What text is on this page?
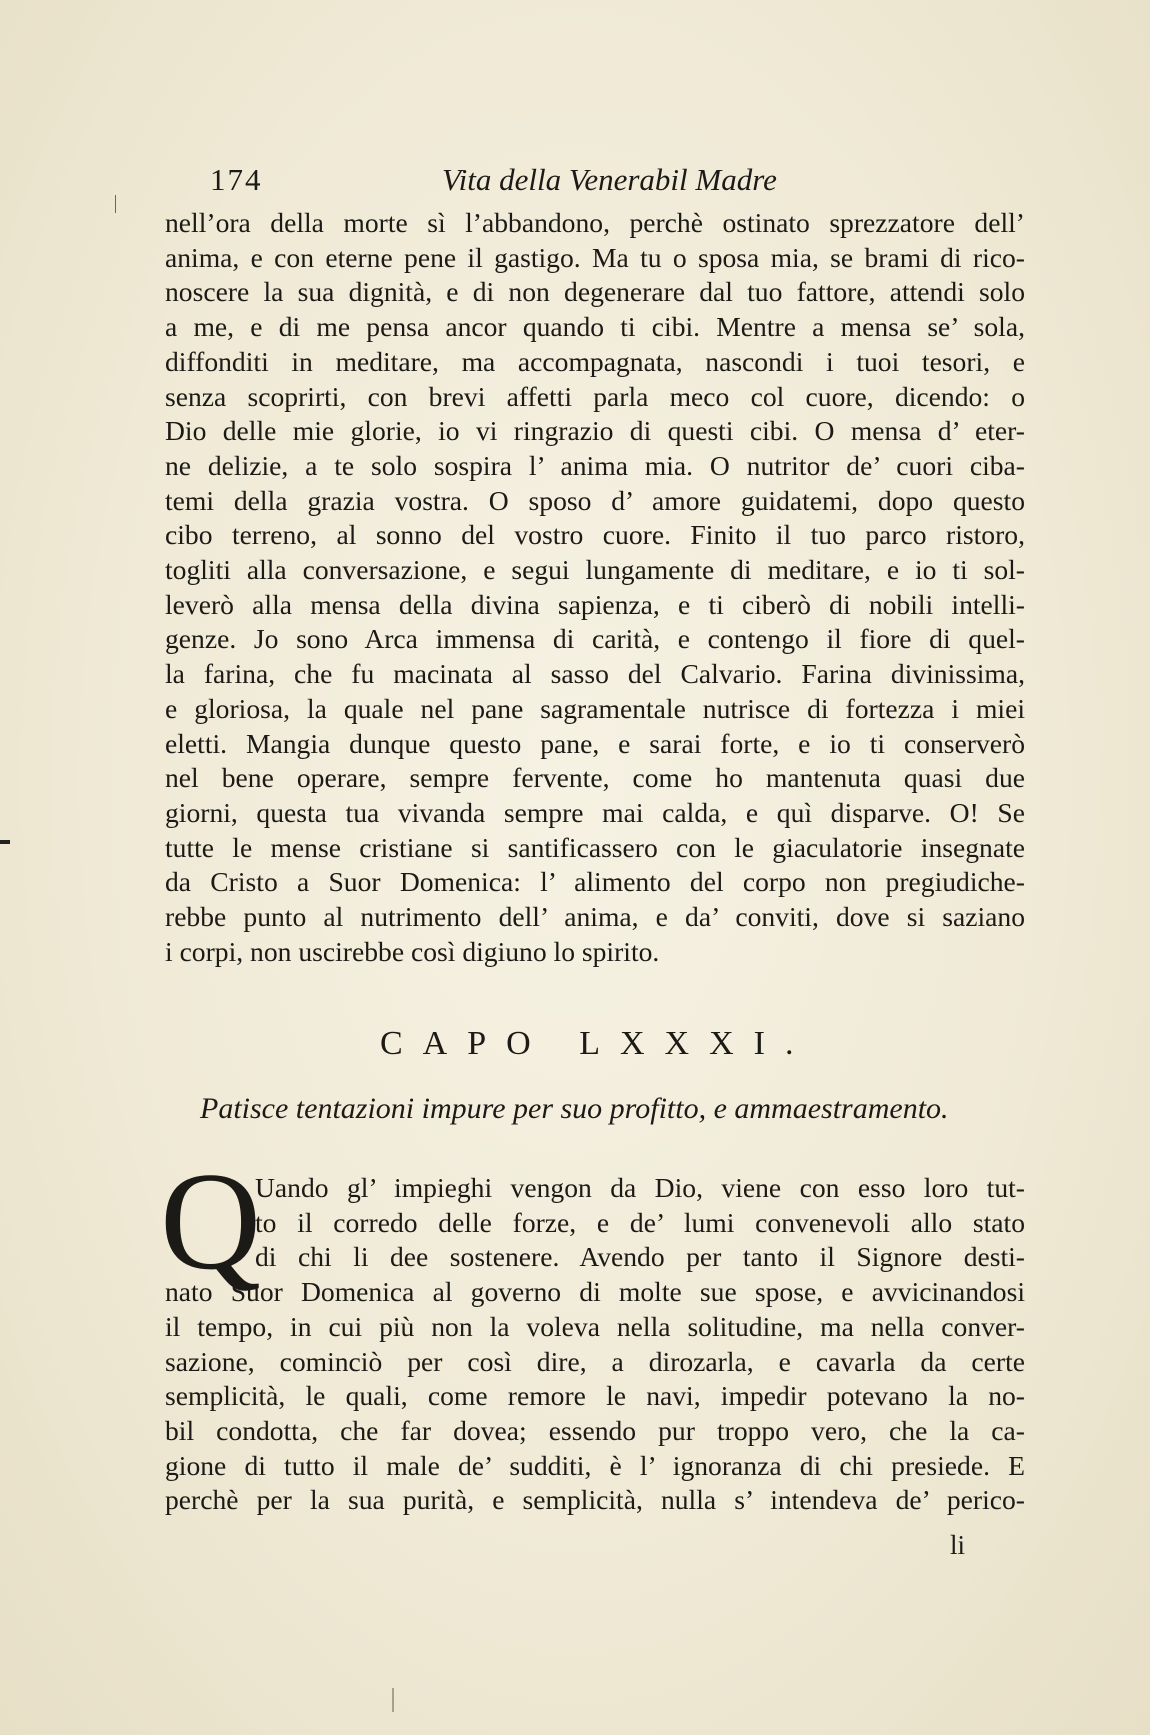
174	Vita della Venerabil Madre
nell’ora della morte sì l’abbandono, perchè ostinato sprezzatore dell’
anima, e con eterne pene il gastigo. Ma tu o sposa mia, se brami di rico-
noscere la sua dignità, e di non degenerare dal tuo fattore, attendi solo
a me, e di me pensa ancor quando ti cibi. Mentre a mensa se’ sola,
diffonditi in meditare, ma accompagnata, nascondi i tuoi tesori, e
senza scoprirti, con brevi affetti parla meco col cuore, dicendo: o
Dio delle mie glorie, io vi ringrazio di questi cibi. O mensa d’ eter-
ne delizie, a te solo sospira l’ anima mia. O nutritor de’ cuori ciba-
temi della grazia vostra. O sposo d’ amore guidatemi, dopo questo
cibo terreno, al sonno del vostro cuore. Finito il tuo parco ristoro,
togliti alla conversazione, e segui lungamente di meditare, e io ti sol-
leverò alla mensa della divina sapienza, e ti ciberò di nobili intelli-
genze. Jo sono Arca immensa di carità, e contengo il fiore di quel-
la farina, che fu macinata al sasso del Calvario. Farina divinissima,
e gloriosa, la quale nel pane sagramentale nutrisce di fortezza i miei
eletti. Mangia dunque questo pane, e sarai forte, e io ti conserverò
nel bene operare, sempre fervente, come ho mantenuta quasi due
giorni, questa tua vivanda sempre mai calda, e quì disparve. O! Se
tutte le mense cristiane si santificassero con le giaculatorie insegnate
da Cristo a Suor Domenica: l’ alimento del corpo non pregiudiche-
rebbe punto al nutrimento dell’ anima, e da’ conviti, dove si saziano
i corpi, non uscirebbe così digiuno lo spirito.
CAPO LXXXI.
Patisce tentazioni impure per suo profitto, e ammaestramento.
Q
Uando gl’ impieghi vengon da Dio, viene con esso loro tut-
to il corredo delle forze, e de’ lumi convenevoli allo stato
di chi li dee sostenere. Avendo per tanto il Signore desti-
nato Suor Domenica al governo di molte sue spose, e avvicinandosi
il tempo, in cui più non la voleva nella solitudine, ma nella conver-
sazione, cominciò per così dire, a dirozarla, e cavarla da certe
semplicità, le quali, come remore le navi, impedir potevano la no-
bil condotta, che far dovea; essendo pur troppo vero, che la ca-
gione di tutto il male de’ sudditi, è l’ ignoranza di chi presiede. E
perchè per la sua purità, e semplicità, nulla s’ intendeva de’ perico-
li
